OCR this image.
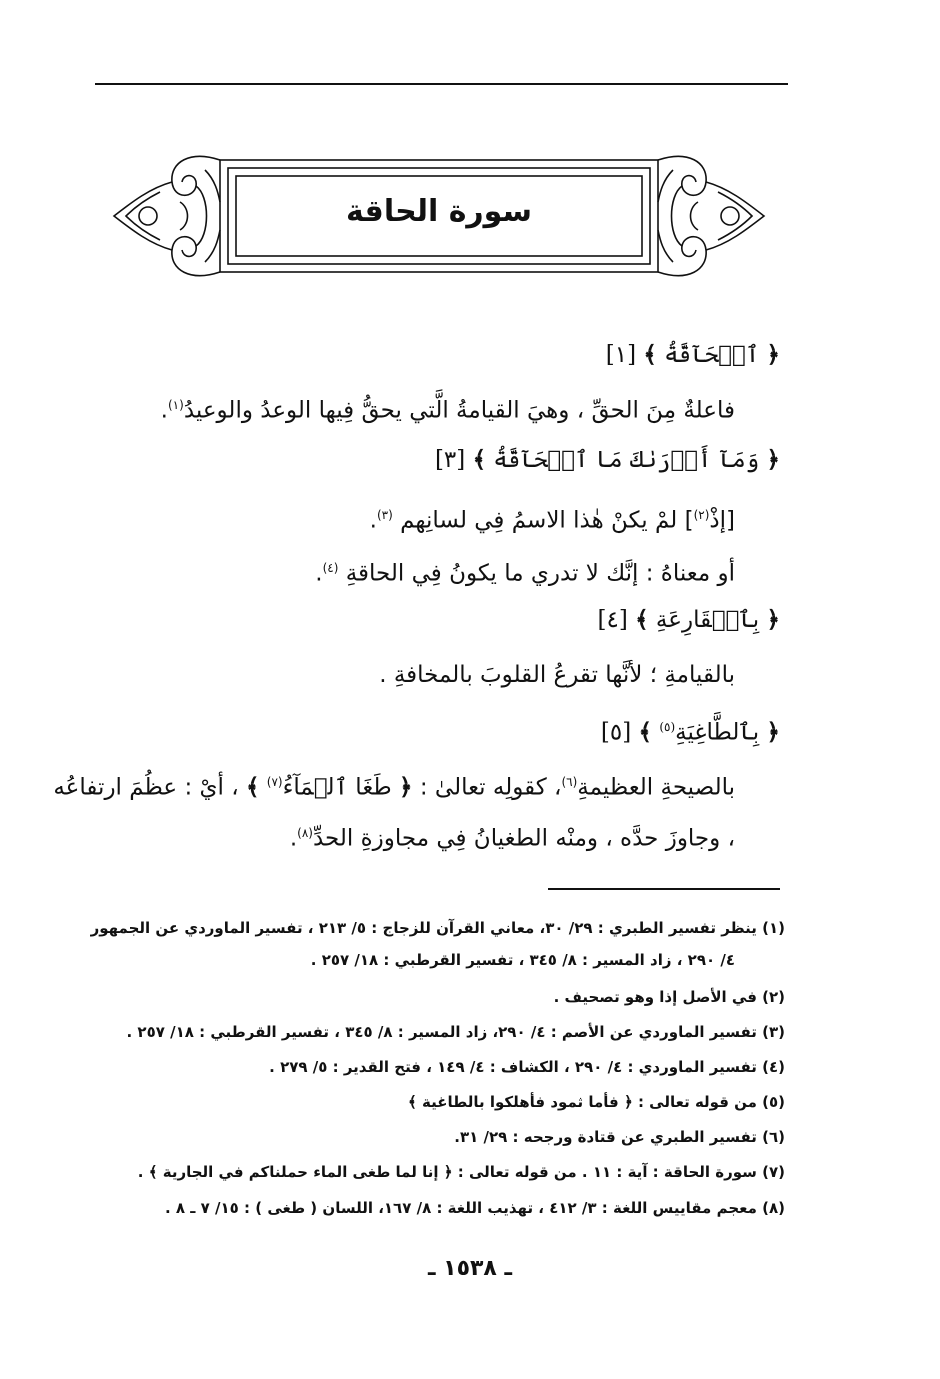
سورة الحاقة
﴿ ٱلۡحَآقَّةُ ﴾ [١]
فاعلةٌ مِنَ الحقِّ ، وهيَ القيامةُ الَّتي يحقُّ فِيها الوعدُ والوعيدُ$^{(١)}$.
﴿ وَمَآ أَدۡرَىٰكَ مَا ٱلۡحَآقَّةُ ﴾ [٣]
[إذْ$^{(٢)}$] لمْ يكنْ هٰذا الاسمُ فِي لسانِهم $^{(٣)}$.
أو معناهُ : إنَّك لا تدري ما يكونُ فِي الحاقةِ $^{(٤)}$.
﴿ بِٱلۡقَارِعَةِ ﴾ [٤]
بالقيامةِ ؛ لأنَّها تقرعُ القلوبَ بالمخافةِ .
﴿ بِٱلطَّاغِيَةِ$^{(٥)}$ ﴾ [٥]
بالصيحةِ العظيمةِ$^{(٦)}$، كقولِه تعالىٰ : ﴿ طَغَا ٱلۡمَآءُ$^{(٧)}$ ﴾ ، أيْ : عظُمَ ارتفاعُه
، وجاوزَ حدَّه ، ومنْه الطغيانُ فِي مجاوزةِ الحدِّ$^{(٨)}$.
(١) ينظر تفسير الطبري : ٢٩/ ٣٠، معاني القرآن للزجاج : ٥/ ٢١٣ ، تفسير الماوردي عن الجمهور
٤/ ٢٩٠ ، زاد المسير : ٨/ ٣٤٥ ، تفسير القرطبي : ١٨/ ٢٥٧ .
(٢) في الأصل إذا وهو تصحيف .
(٣) تفسير الماوردي عن الأصم : ٤/ ٢٩٠، زاد المسير : ٨/ ٣٤٥ ، تفسير القرطبي : ١٨/ ٢٥٧ .
(٤) تفسير الماوردي : ٤/ ٢٩٠ ، الكشاف : ٤/ ١٤٩ ، فتح القدير : ٥/ ٢٧٩ .
(٥) من قوله تعالى : ﴿ فأما ثمود فأهلكوا بالطاغية ﴾
(٦) تفسير الطبري عن قتادة ورجحه : ٢٩/ ٣١.
(٧) سورة الحاقة : آية : ١١ . من قوله تعالى : ﴿ إنا لما طغى الماء حملناكم في الجارية ﴾ .
(٨) معجم مقاييس اللغة : ٣/ ٤١٢ ، تهذيب اللغة : ٨/ ١٦٧، اللسان ( طغى ) : ١٥/ ٧ ـ ٨ .
ـ ١٥٣٨ ـ
